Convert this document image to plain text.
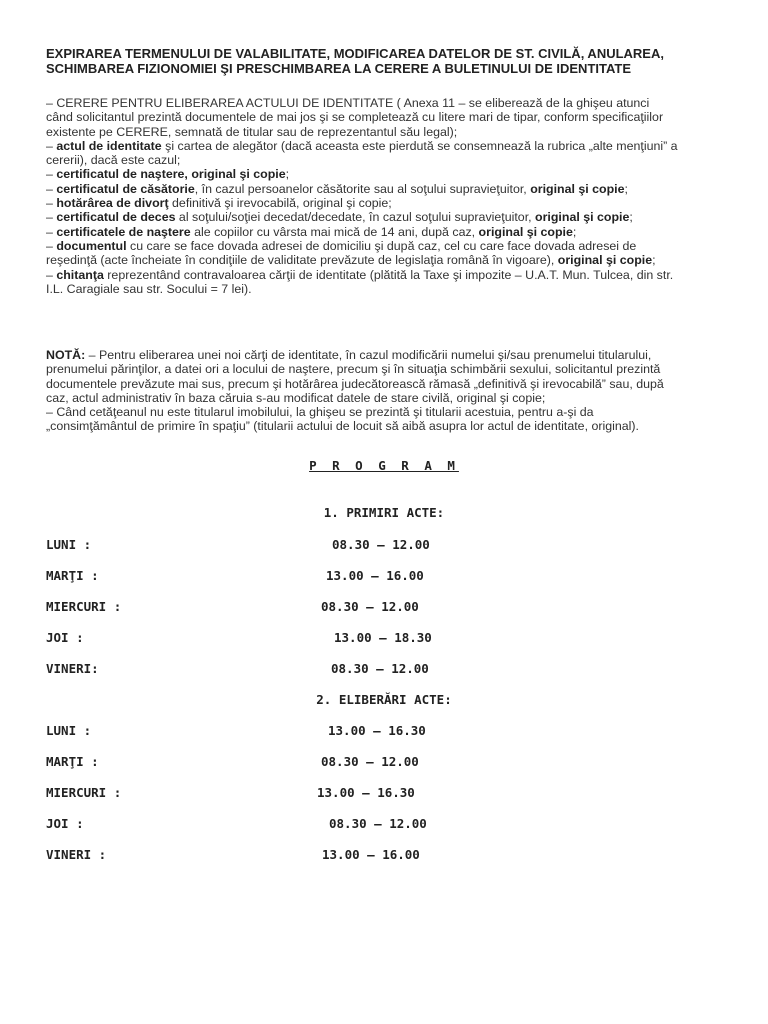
EXPIRAREA TERMENULUI DE VALABILITATE, MODIFICAREA DATELOR DE ST. CIVILĂ, ANULAREA,
SCHIMBAREA FIZIONOMIEI ŞI PRESCHIMBAREA LA CERERE A BULETINULUI DE IDENTITATE
– CERERE PENTRU ELIBERAREA ACTULUI DE IDENTITATE ( Anexa 11 – se eliberează de la ghişeu atunci
când solicitantul prezintă documentele de mai jos şi se completează cu litere mari de tipar, conform specificaţiilor
existente pe CERERE, semnată de titular sau de reprezentantul său legal);
– actul de identitate şi cartea de alegător (dacă aceasta este pierdută se consemnează la rubrica „alte menţiuni” a
cererii), dacă este cazul;
– certificatul de naştere, original şi copie;
– certificatul de căsătorie, în cazul persoanelor căsătorite sau al soţului supravieţuitor, original şi copie;
– hotărârea de divorţ definitivă şi irevocabilă, original şi copie;
– certificatul de deces al soţului/soţiei decedat/decedate, în cazul soţului supravieţuitor, original şi copie;
– certificatele de naştere ale copiilor cu vârsta mai mică de 14 ani, după caz, original şi copie;
– documentul cu care se face dovada adresei de domiciliu şi după caz, cel cu care face dovada adresei de
reşedinţă (acte încheiate în condiţiile de validitate prevăzute de legislaţia română în vigoare), original şi copie;
– chitanţa reprezentând contravaloarea cărţii de identitate (plătită la Taxe şi impozite – U.A.T. Mun. Tulcea, din str.
I.L. Caragiale sau str. Socului = 7 lei).
NOTĂ: – Pentru eliberarea unei noi cărţi de identitate, în cazul modificării numelui şi/sau prenumelui titularului,
prenumelui părinţilor, a datei ori a locului de naştere, precum şi în situaţia schimbării sexului, solicitantul prezintă
documentele prevăzute mai sus, precum şi hotărârea judecătorească rămasă „definitivă şi irevocabilă” sau, după
caz, actul administrativ în baza căruia s-au modificat datele de stare civilă, original şi copie;
– Când cetăţeanul nu este titularul imobilului, la ghişeu se prezintă şi titularii acestuia, pentru a-şi da
„consimţământul de primire în spaţiu” (titularii actului de locuit să aibă asupra lor actul de identitate, original).
P R O G R A M
1. PRIMIRI ACTE:
LUNI :	08.30 – 12.00
MARŢI :	13.00 – 16.00
MIERCURI :	08.30 – 12.00
JOI :	13.00 – 18.30
VINERI:	08.30 – 12.00
2. ELIBERĂRI ACTE:
LUNI :	13.00 – 16.30
MARŢI :	08.30 – 12.00
MIERCURI :	13.00 – 16.30
JOI :	08.30 – 12.00
VINERI :	13.00 – 16.00
